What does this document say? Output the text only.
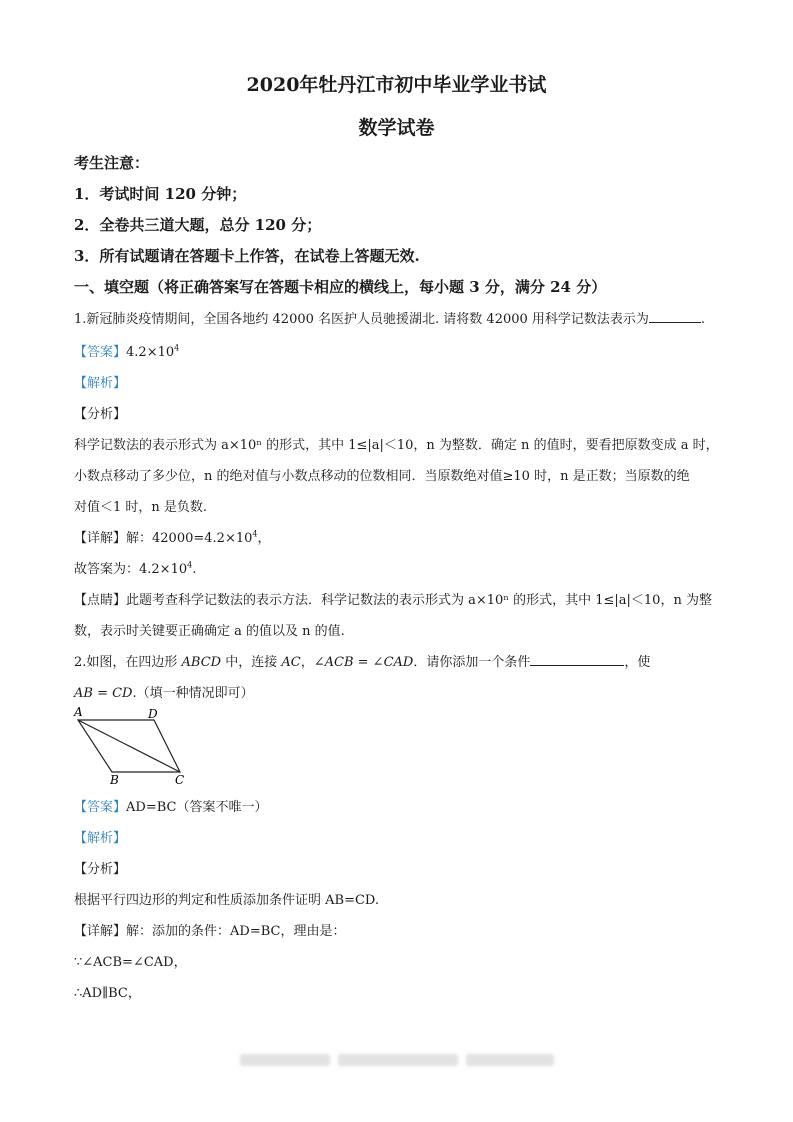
2020年牡丹江市初中毕业学业书试
数学试卷
考生注意：
1．考试时间 120 分钟；
2．全卷共三道大题，总分 120 分；
3．所有试题请在答题卡上作答，在试卷上答题无效.
一、填空题（将正确答案写在答题卡相应的横线上，每小题 3 分，满分 24 分）
1.新冠肺炎疫情期间，全国各地约 42000 名医护人员驰援湖北. 请将数 42000 用科学记数法表示为	.
【答案】$4.2\times 10^4$
【解析】
【分析】
科学记数法的表示形式为 a×10ⁿ 的形式，其中 1≤|a|＜10，n 为整数．确定 n 的值时，要看把原数变成 a 时，
小数点移动了多少位，n 的绝对值与小数点移动的位数相同．当原数绝对值≥10 时，n 是正数；当原数的绝
对值＜1 时，n 是负数.
【详解】解：$42000=4.2\times 10^4$，
故答案为：$4.2\times 10^4$.
【点睛】此题考查科学记数法的表示方法．科学记数法的表示形式为 a×10ⁿ 的形式，其中 1≤|a|＜10，n 为整
数，表示时关键要正确确定 a 的值以及 n 的值.
2.如图，在四边形 ABCD 中，连接 AC，∠ACB = ∠CAD．请你添加一个条件	，使
AB = CD.（填一种情况即可）
A	D
B	C
【答案】AD=BC（答案不唯一）
【解析】
【分析】
根据平行四边形的判定和性质添加条件证明 AB=CD.
【详解】解：添加的条件：AD=BC，理由是：
∵∠ACB=∠CAD，
∴AD∥BC，
